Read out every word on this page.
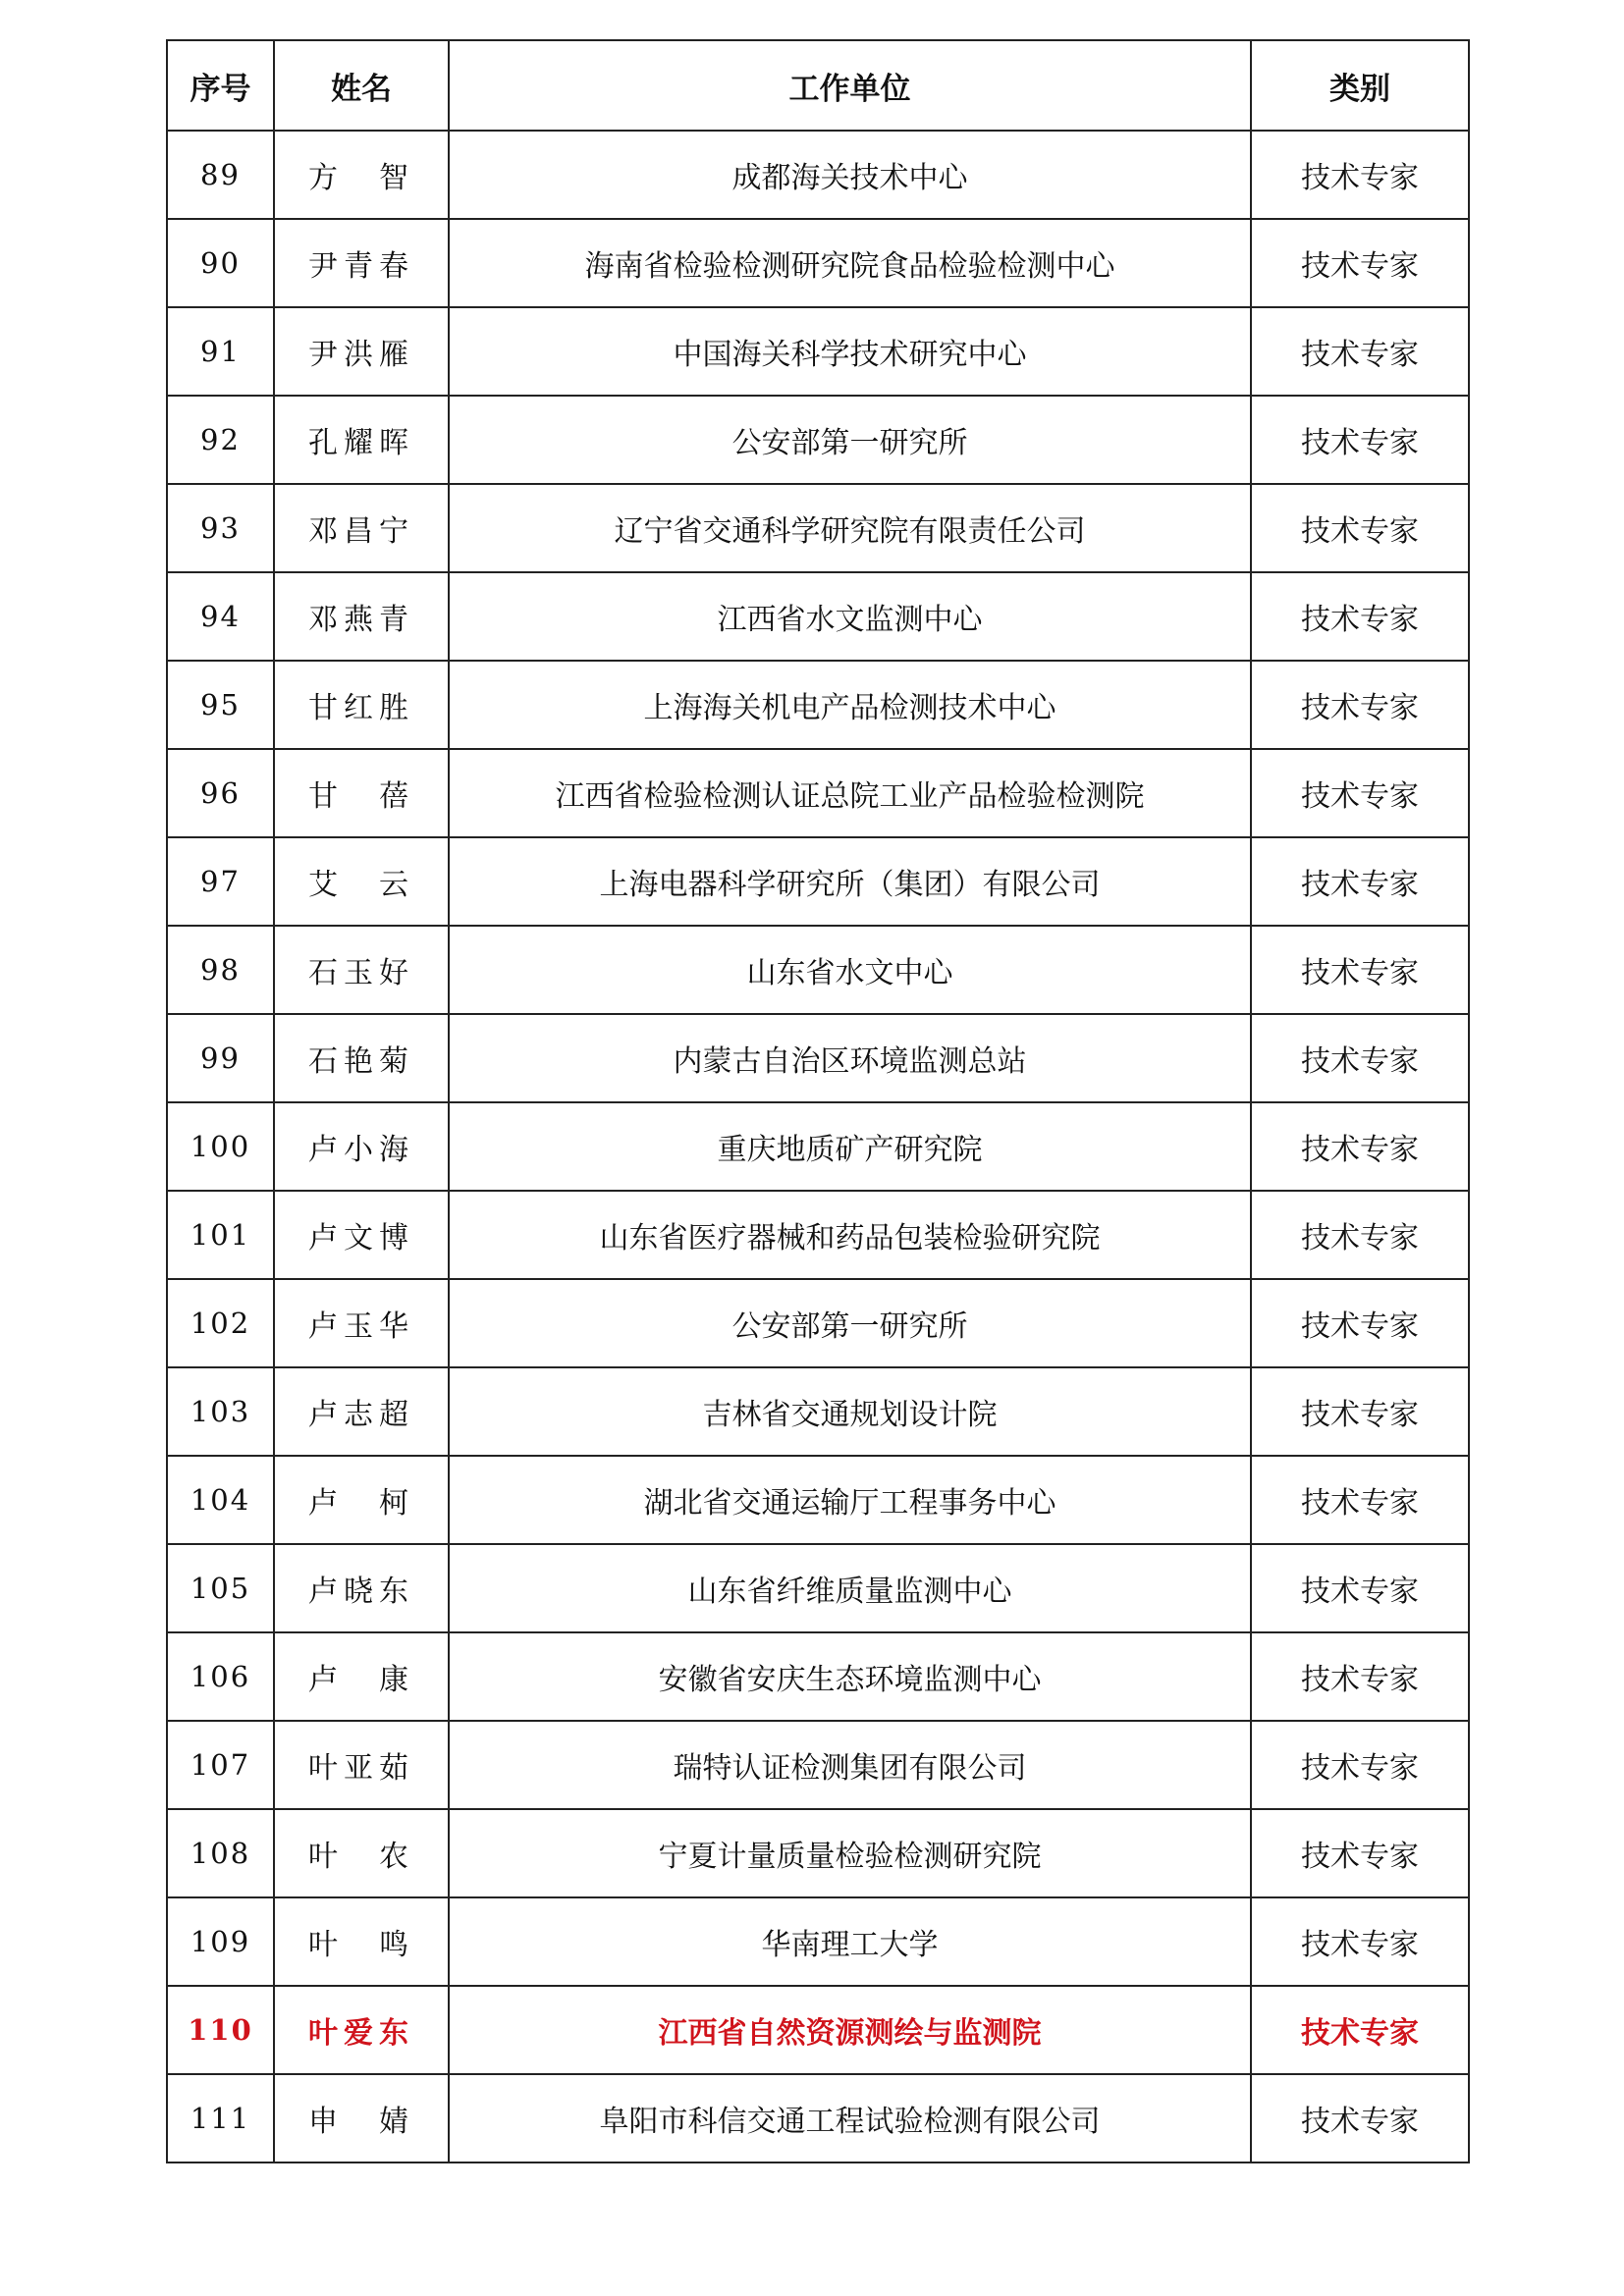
序号	姓名	工作单位	类别
89	方　智	成都海关技术中心	技术专家
90	尹青春	海南省检验检测研究院食品检验检测中心	技术专家
91	尹洪雁	中国海关科学技术研究中心	技术专家
92	孔耀晖	公安部第一研究所	技术专家
93	邓昌宁	辽宁省交通科学研究院有限责任公司	技术专家
94	邓燕青	江西省水文监测中心	技术专家
95	甘红胜	上海海关机电产品检测技术中心	技术专家
96	甘　蓓	江西省检验检测认证总院工业产品检验检测院	技术专家
97	艾　云	上海电器科学研究所（集团）有限公司	技术专家
98	石玉好	山东省水文中心	技术专家
99	石艳菊	内蒙古自治区环境监测总站	技术专家
100	卢小海	重庆地质矿产研究院	技术专家
101	卢文博	山东省医疗器械和药品包装检验研究院	技术专家
102	卢玉华	公安部第一研究所	技术专家
103	卢志超	吉林省交通规划设计院	技术专家
104	卢　柯	湖北省交通运输厅工程事务中心	技术专家
105	卢晓东	山东省纤维质量监测中心	技术专家
106	卢　康	安徽省安庆生态环境监测中心	技术专家
107	叶亚茹	瑞特认证检测集团有限公司	技术专家
108	叶　农	宁夏计量质量检验检测研究院	技术专家
109	叶　鸣	华南理工大学	技术专家
110	叶爱东	江西省自然资源测绘与监测院	技术专家
111	申　婧	阜阳市科信交通工程试验检测有限公司	技术专家
